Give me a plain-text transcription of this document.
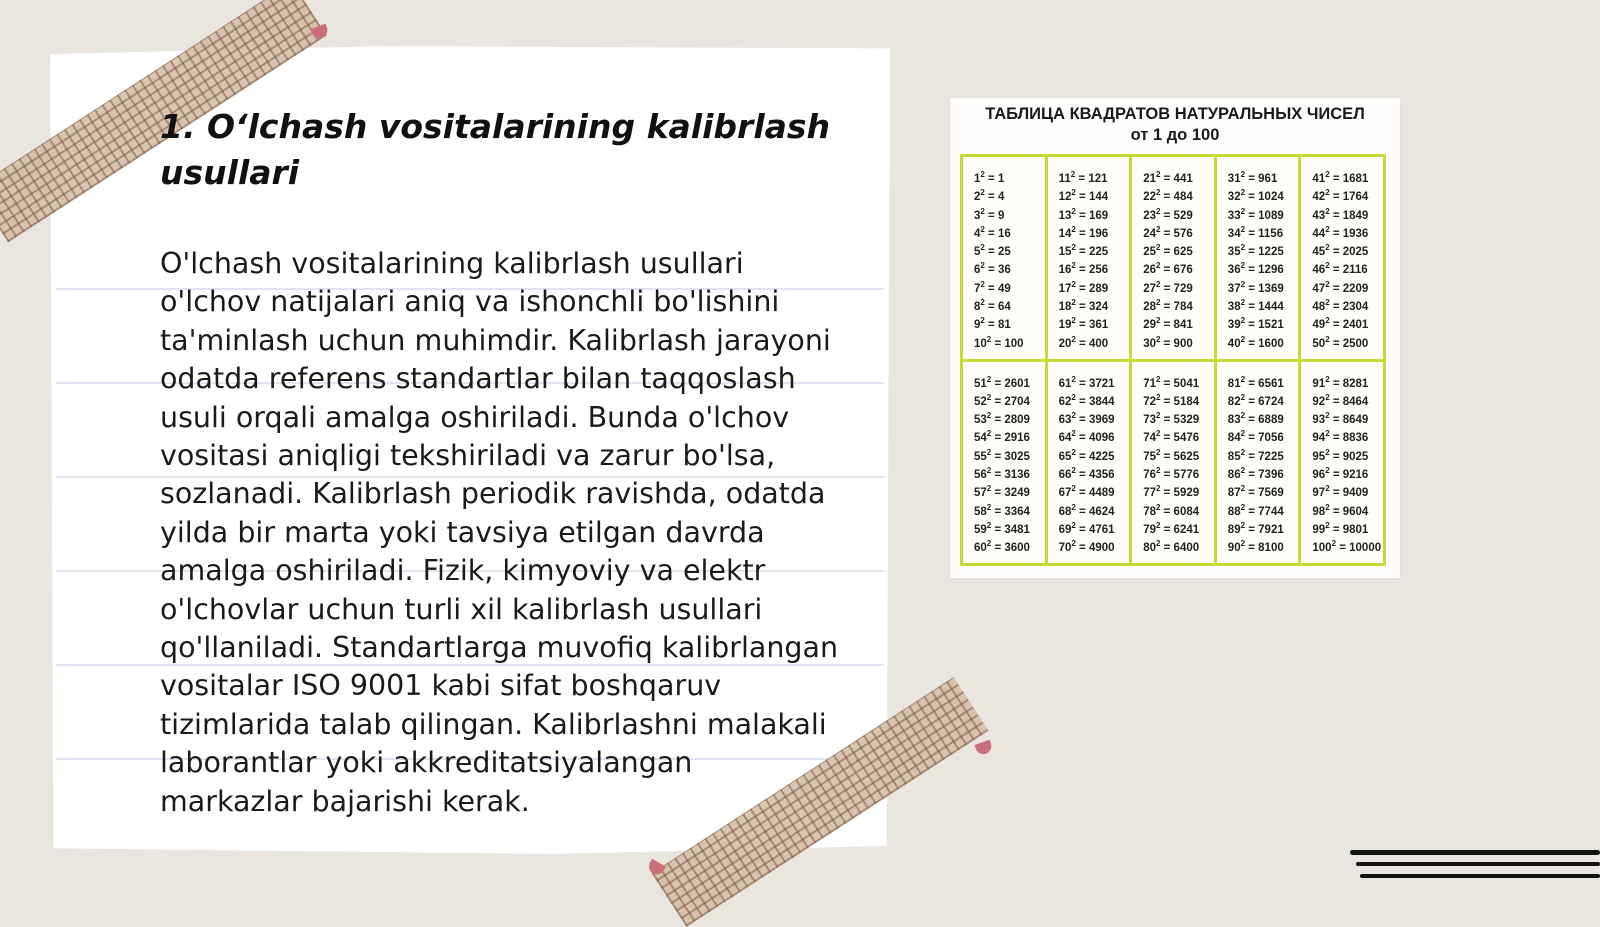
1. O‘lchash vositalarining kalibrlash usullari

O'lchash vositalarining kalibrlash usullari o'lchov natijalari aniq va ishonchli bo'lishini ta'minlash uchun muhimdir. Kalibrlash jarayoni odatda referens standartlar bilan taqqoslash usuli orqali amalga oshiriladi. Bunda o'lchov vositasi aniqligi tekshiriladi va zarur bo'lsa, sozlanadi. Kalibrlash periodik ravishda, odatda yilda bir marta yoki tavsiya etilgan davrda amalga oshiriladi. Fizik, kimyoviy va elektr o'lchovlar uchun turli xil kalibrlash usullari qo'llaniladi. Standartlarga muvofiq kalibrlangan vositalar ISO 9001 kabi sifat boshqaruv tizimlarida talab qilingan. Kalibrlashni malakali laborantlar yoki akkreditatsiyalangan markazlar bajarishi kerak.

ТАБЛИЦА КВАДРАТОВ НАТУРАЛЬНЫХ ЧИСЕЛ
от 1 до 100
$1^2 = 1$
$2^2 = 4$
$3^2 = 9$
$4^2 = 16$
$5^2 = 25$
$6^2 = 36$
$7^2 = 49$
$8^2 = 64$
$9^2 = 81$
$10^2 = 100$
$11^2 = 121$
$12^2 = 144$
$13^2 = 169$
$14^2 = 196$
$15^2 = 225$
$16^2 = 256$
$17^2 = 289$
$18^2 = 324$
$19^2 = 361$
$20^2 = 400$
$21^2 = 441$
$22^2 = 484$
$23^2 = 529$
$24^2 = 576$
$25^2 = 625$
$26^2 = 676$
$27^2 = 729$
$28^2 = 784$
$29^2 = 841$
$30^2 = 900$
$31^2 = 961$
$32^2 = 1024$
$33^2 = 1089$
$34^2 = 1156$
$35^2 = 1225$
$36^2 = 1296$
$37^2 = 1369$
$38^2 = 1444$
$39^2 = 1521$
$40^2 = 1600$
$41^2 = 1681$
$42^2 = 1764$
$43^2 = 1849$
$44^2 = 1936$
$45^2 = 2025$
$46^2 = 2116$
$47^2 = 2209$
$48^2 = 2304$
$49^2 = 2401$
$50^2 = 2500$
$51^2 = 2601$
$52^2 = 2704$
$53^2 = 2809$
$54^2 = 2916$
$55^2 = 3025$
$56^2 = 3136$
$57^2 = 3249$
$58^2 = 3364$
$59^2 = 3481$
$60^2 = 3600$
$61^2 = 3721$
$62^2 = 3844$
$63^2 = 3969$
$64^2 = 4096$
$65^2 = 4225$
$66^2 = 4356$
$67^2 = 4489$
$68^2 = 4624$
$69^2 = 4761$
$70^2 = 4900$
$71^2 = 5041$
$72^2 = 5184$
$73^2 = 5329$
$74^2 = 5476$
$75^2 = 5625$
$76^2 = 5776$
$77^2 = 5929$
$78^2 = 6084$
$79^2 = 6241$
$80^2 = 6400$
$81^2 = 6561$
$82^2 = 6724$
$83^2 = 6889$
$84^2 = 7056$
$85^2 = 7225$
$86^2 = 7396$
$87^2 = 7569$
$88^2 = 7744$
$89^2 = 7921$
$90^2 = 8100$
$91^2 = 8281$
$92^2 = 8464$
$93^2 = 8649$
$94^2 = 8836$
$95^2 = 9025$
$96^2 = 9216$
$97^2 = 9409$
$98^2 = 9604$
$99^2 = 9801$
$100^2 = 10000$
